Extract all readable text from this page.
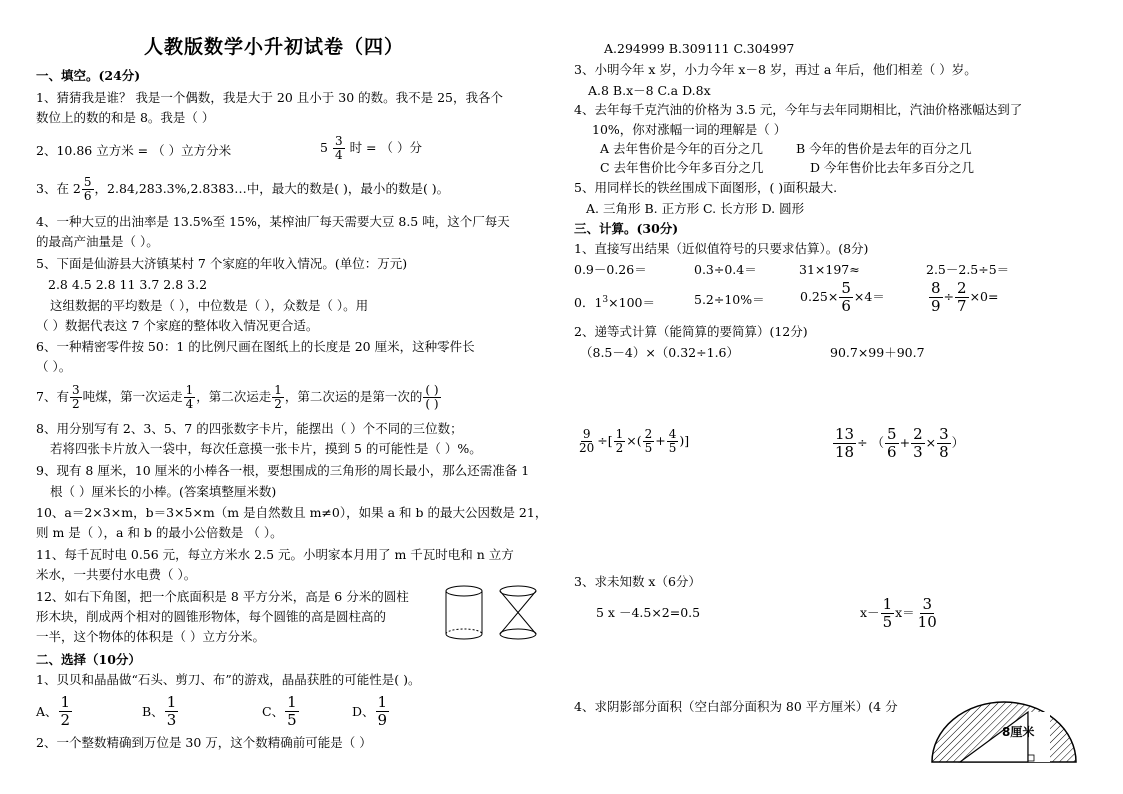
人教版数学小升初试卷（四）
一、填空。(24分)
1、猜猜我是谁？ 我是一个偶数，我是大于 20 且小于 30 的数。我不是 25，我各个
数位上的数的和是 8。我是（ ）
2、10.86 立方米 = （ ）立方分米	$5 \frac{3}{4}$ 时 = （ ）分
3、在 $2 \frac{5}{6}$ ，2.84,283.3%,2.8383…中，最大的数是( )，最小的数是( )。
4、一种大豆的出油率是 13.5%至 15%，某榨油厂每天需要大豆 8.5 吨，这个厂每天
的最高产油量是（ ）。
5、下面是仙游县大济镇某村 7 个家庭的年收入情况。(单位：万元)
2.8 4.5 2.8 11 3.7 2.8 3.2
这组数据的平均数是（ ），中位数是（ ），众数是（ ）。用
（ ）数据代表这 7 个家庭的整体收入情况更合适。
6、一种精密零件按 50：1 的比例尺画在图纸上的长度是 20 厘米，这种零件长
（ ）。
7、有 $\frac{3}{2}$ 吨煤，第一次运走 $\frac{1}{4}$ ，第二次运走 $\frac{1}{2}$ ，第二次运的是第一次的 $\frac{( )}{( )}$
8、用分别写有 2、3、5、7 的四张数字卡片，能摆出（ ）个不同的三位数；
若将四张卡片放入一袋中，每次任意摸一张卡片，摸到 5 的可能性是（ ）%。
9、现有 8 厘米，10 厘米的小棒各一根，要想围成的三角形的周长最小，那么还需准备 1
根（ ）厘米长的小棒。(答案填整厘米数)
10、a＝2×3×m，b＝3×5×m（m 是自然数且 m≠0），如果 a 和 b 的最大公因数是 21，
则 m 是（ ），a 和 b 的最小公倍数是 （ ）。
11、每千瓦时电 0.56 元，每立方米水 2.5 元。小明家本月用了 m 千瓦时电和 n 立方
米水，一共要付水电费（ ）。
12、如右下角图，把一个底面积是 8 平方分米，高是 6 分米的圆柱
形木块，削成两个相对的圆锥形物体，每个圆锥的高是圆柱高的
一半，这个物体的体积是（ ）立方分米。
二、选择（10分）
1、贝贝和晶晶做“石头、剪刀、布”的游戏，晶晶获胜的可能性是( )。
A、 $\frac{1}{2}$	B、 $\frac{1}{3}$	C、 $\frac{1}{5}$	D、 $\frac{1}{9}$
2、一个整数精确到万位是 30 万，这个数精确前可能是（ ）
A.294999 B.309111 C.304997
3、小明今年 x 岁，小力今年 x－8 岁，再过 a 年后，他们相差（ ）岁。
A.8 B.x－8 C.a D.8x
4、去年每千克汽油的价格为 3.5 元，今年与去年同期相比，汽油价格涨幅达到了
10%，你对涨幅一词的理解是（ ）
A 去年售价是今年的百分之几	B 今年的售价是去年的百分之几
C 去年售价比今年多百分之几	D 今年售价比去年多百分之几
5、用同样长的铁丝围成下面图形，( )面积最大.
A. 三角形 B. 正方形 C. 长方形 D. 圆形
三、计算。(30分)
1、直接写出结果（近似值符号的只要求估算）。(8分)
0.9－0.26＝	0.3÷0.4＝	31×197≈	2.5－2.5÷5＝
0．$1^3\times 100=$	5.2÷10%＝	$0.25\times \frac{5}{6} \times 4=$	$\frac{8}{9} \div \frac{2}{7} \times 0=$
2、递等式计算（能简算的要简算）(12分)
（8.5－4）×（0.32÷1.6）	90.7×99＋90.7
$\frac{9}{20}$ ÷[ $\frac{1}{2}$ ×( $\frac{2}{5} + \frac{4}{5}$ )]	$\frac{13}{18}$ ÷ （ $\frac{5}{6} + \frac{2}{3} \times \frac{3}{8}$ ）
3、求未知数 x（6分）
5 x －4.5×2=0.5	$x- \frac{1}{5} x= \frac{3}{10}$
4、求阴影部分面积（空白部分面积为 80 平方厘米）(4 分
8厘米
